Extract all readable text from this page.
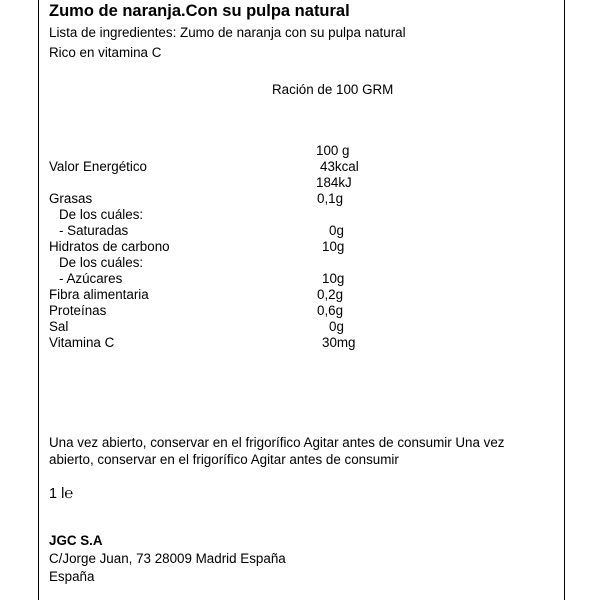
Zumo de naranja.Con su pulpa natural
Lista de ingredientes: Zumo de naranja con su pulpa natural
Rico en vitamina C
Ración de 100 GRM
100 g
Valor Energético	43kcal
184kJ
Grasas	0,1g
De los cuáles:
- Saturadas	0g
Hidratos de carbono	10g
De los cuáles:
- Azúcares	10g
Fibra alimentaria	0,2g
Proteínas	0,6g
Sal	0g
Vitamina C	30mg
Una vez abierto, conservar en el frigorífico Agitar antes de consumir Una vez abierto, conservar en el frigorífico Agitar antes de consumir
1 l℮
JGC S.A
C/Jorge Juan, 73 28009 Madrid España
España
